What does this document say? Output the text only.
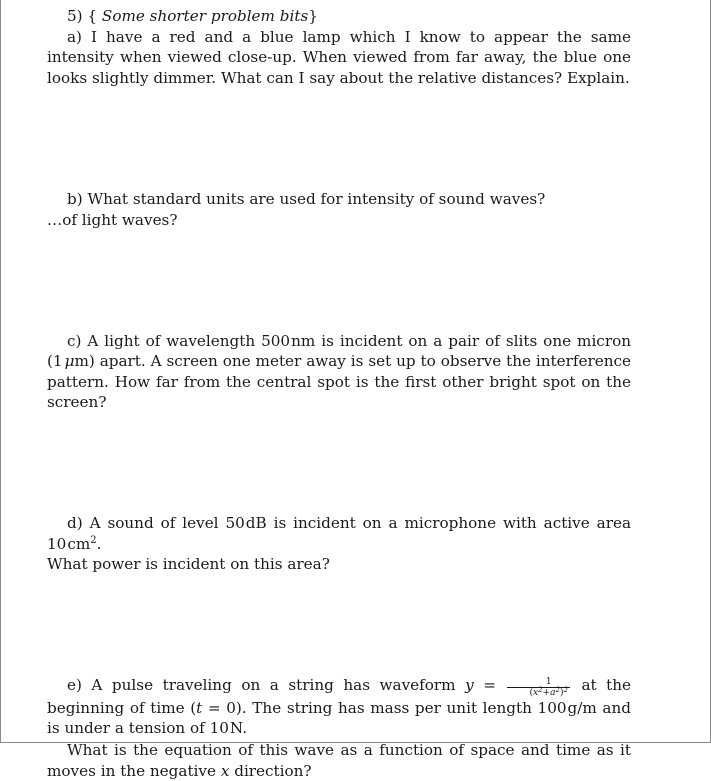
5) { Some shorter problem bits}

a) I have a red and a blue lamp which I know to appear the same intensity when viewed close-up. When viewed from far away, the blue one looks slightly dimmer. What can I say about the relative distances? Explain.

b) What standard units are used for intensity of sound waves?

…of light waves?

c) A light of wavelength 500nm is incident on a pair of slits one micron (1 μm) apart. A screen one meter away is set up to observe the interference pattern. How far from the central spot is the first other bright spot on the screen?

d) A sound of level 50dB is incident on a microphone with active area $10cm^2$.

What power is incident on this area?

e) A pulse traveling on a string has waveform $y = \frac{1}{(x^2+a^2)^2}$ at the beginning of time (t = 0). The string has mass per unit length 100g/m and is under a tension of 10N.

What is the equation of this wave as a function of space and time as it moves in the negative x direction?
